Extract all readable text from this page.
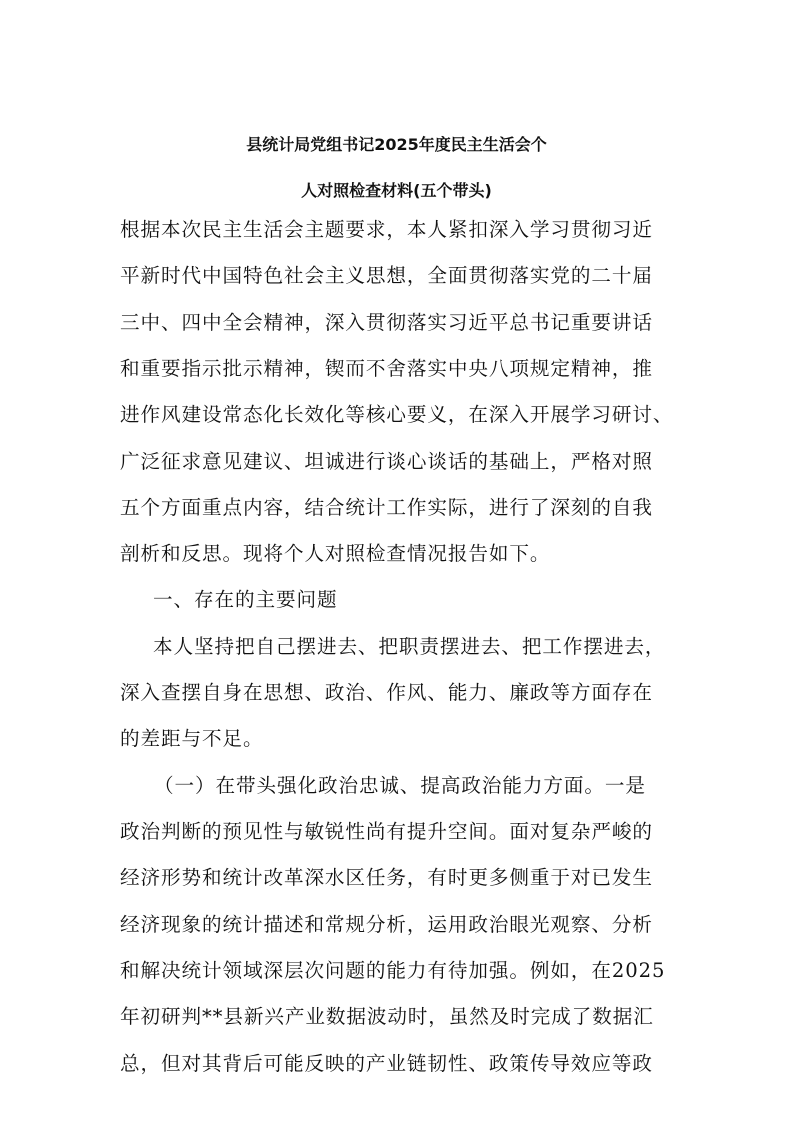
县统计局党组书记2025年度民主生活会个
人对照检查材料(五个带头)
根据本次民主生活会主题要求，本人紧扣深入学习贯彻习近
平新时代中国特色社会主义思想，全面贯彻落实党的二十届
三中、四中全会精神，深入贯彻落实习近平总书记重要讲话
和重要指示批示精神，锲而不舍落实中央八项规定精神，推
进作风建设常态化长效化等核心要义，在深入开展学习研讨、
广泛征求意见建议、坦诚进行谈心谈话的基础上，严格对照
五个方面重点内容，结合统计工作实际，进行了深刻的自我
剖析和反思。现将个人对照检查情况报告如下。
一、存在的主要问题
本人坚持把自己摆进去、把职责摆进去、把工作摆进去，
深入查摆自身在思想、政治、作风、能力、廉政等方面存在
的差距与不足。
（一）在带头强化政治忠诚、提高政治能力方面。一是
政治判断的预见性与敏锐性尚有提升空间。面对复杂严峻的
经济形势和统计改革深水区任务，有时更多侧重于对已发生
经济现象的统计描述和常规分析，运用政治眼光观察、分析
和解决统计领域深层次问题的能力有待加强。例如，在2025
年初研判**县新兴产业数据波动时，虽然及时完成了数据汇
总，但对其背后可能反映的产业链韧性、政策传导效应等政
